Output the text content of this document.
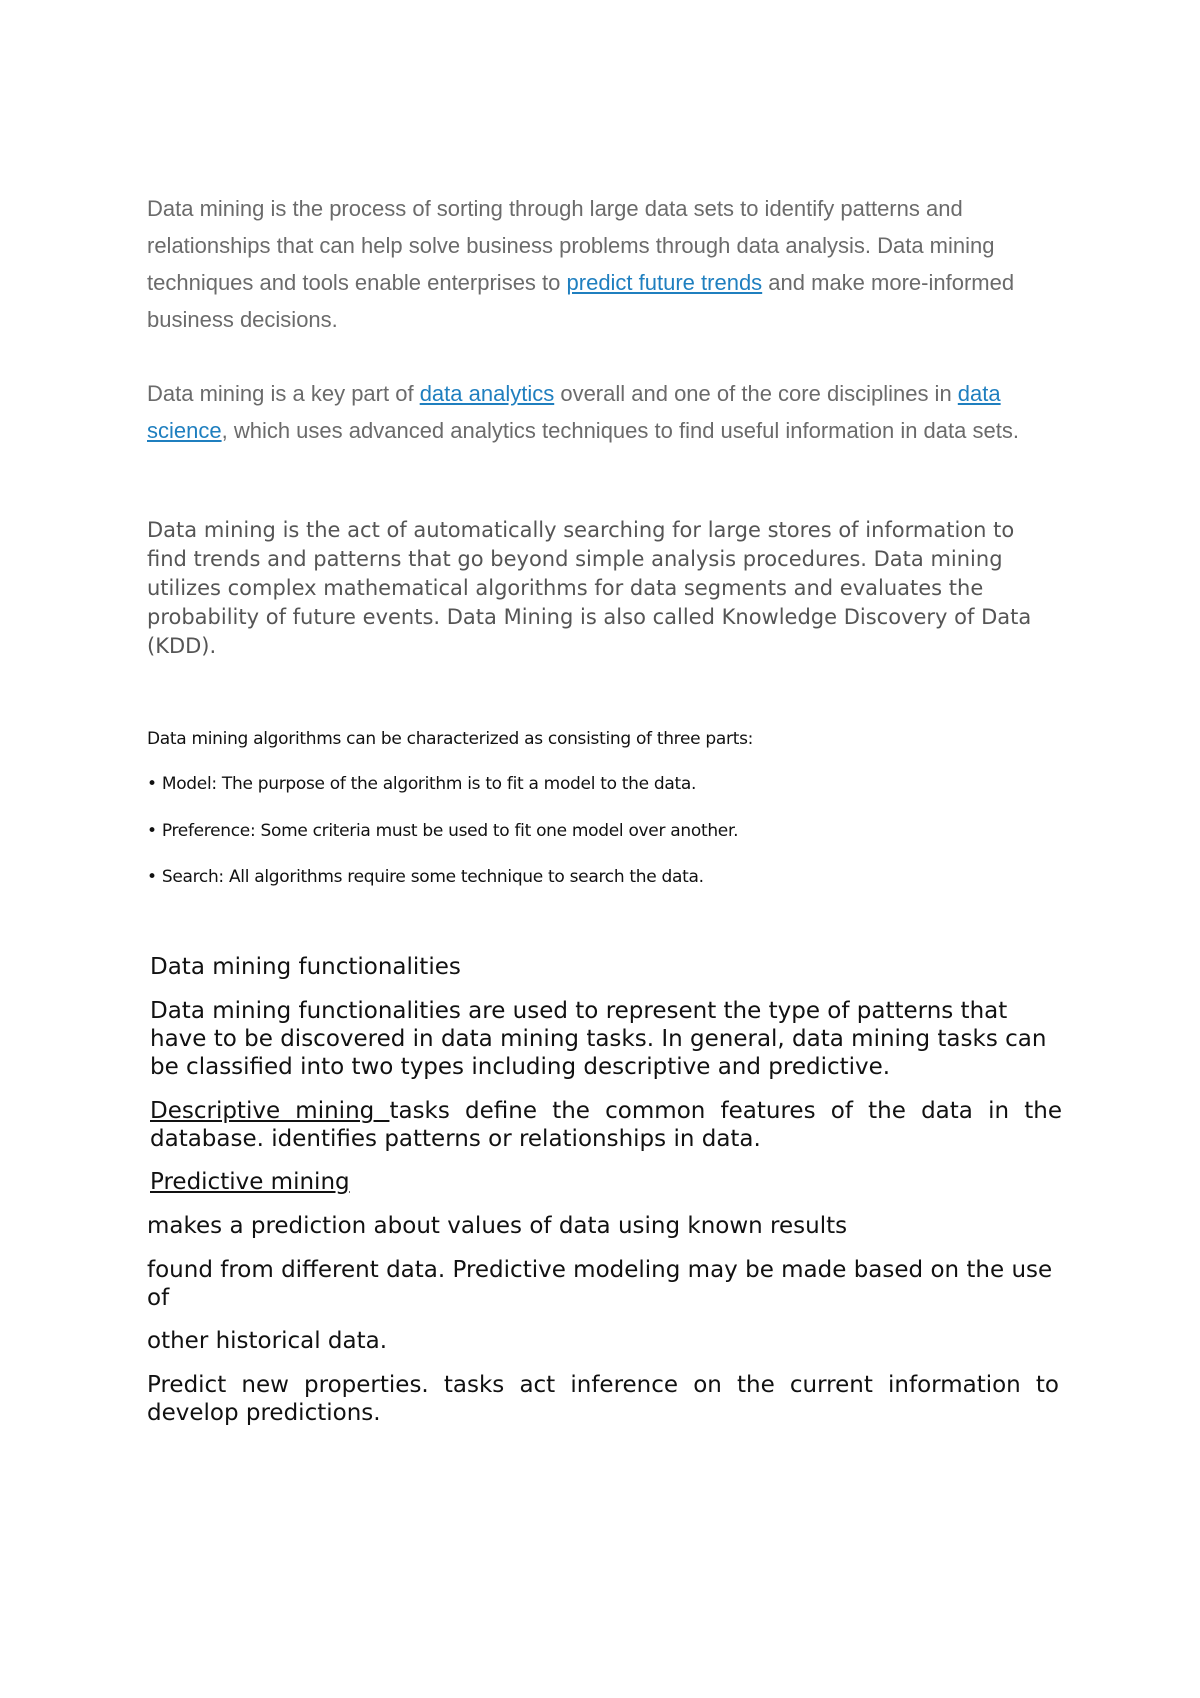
Data mining is the process of sorting through large data sets to identify patterns and relationships that can help solve business problems through data analysis. Data mining techniques and tools enable enterprises to predict future trends and make more-informed business decisions.

Data mining is a key part of data analytics overall and one of the core disciplines in data science, which uses advanced analytics techniques to find useful information in data sets.

Data mining is the act of automatically searching for large stores of information to find trends and patterns that go beyond simple analysis procedures. Data mining utilizes complex mathematical algorithms for data segments and evaluates the probability of future events. Data Mining is also called Knowledge Discovery of Data (KDD).

Data mining algorithms can be characterized as consisting of three parts:

• Model: The purpose of the algorithm is to fit a model to the data.

• Preference: Some criteria must be used to fit one model over another.

• Search: All algorithms require some technique to search the data.

Data mining functionalities

Data mining functionalities are used to represent the type of patterns that have to be discovered in data mining tasks. In general, data mining tasks can be classified into two types including descriptive and predictive.

Descriptive mining tasks define the common features of the data in the database. identifies patterns or relationships in data.

Predictive mining

makes a prediction about values of data using known results

found from different data. Predictive modeling may be made based on the use of

other historical data.

Predict new properties. tasks act inference on the current information to develop predictions.
